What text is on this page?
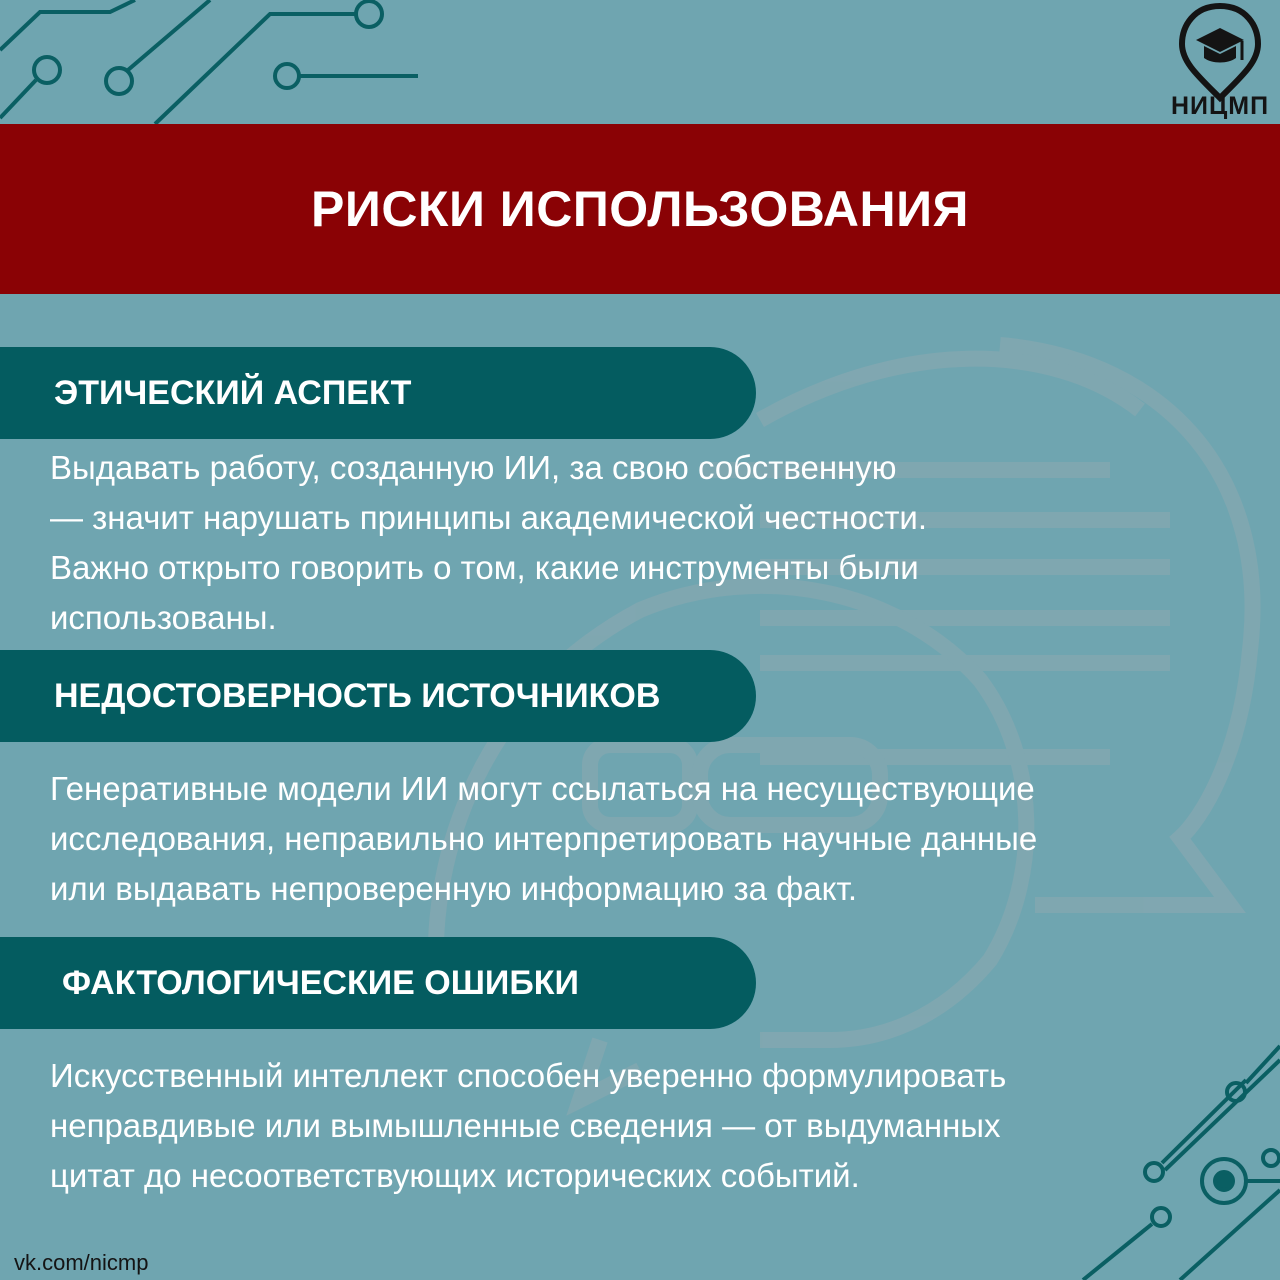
НИЦМП
РИСКИ ИСПОЛЬЗОВАНИЯ
ЭТИЧЕСКИЙ АСПЕКТ
Выдавать работу, созданную ИИ, за свою собственную
— значит нарушать принципы академической честности.
Важно открыто говорить о том, какие инструменты были
использованы.
НЕДОСТОВЕРНОСТЬ ИСТОЧНИКОВ
Генеративные модели ИИ могут ссылаться на несуществующие
исследования, неправильно интерпретировать научные данные
или выдавать непроверенную информацию за факт.
ФАКТОЛОГИЧЕСКИЕ ОШИБКИ
Искусственный интеллект способен уверенно формулировать
неправдивые или вымышленные сведения — от выдуманных
цитат до несоответствующих исторических событий.
vk.com/nicmp
